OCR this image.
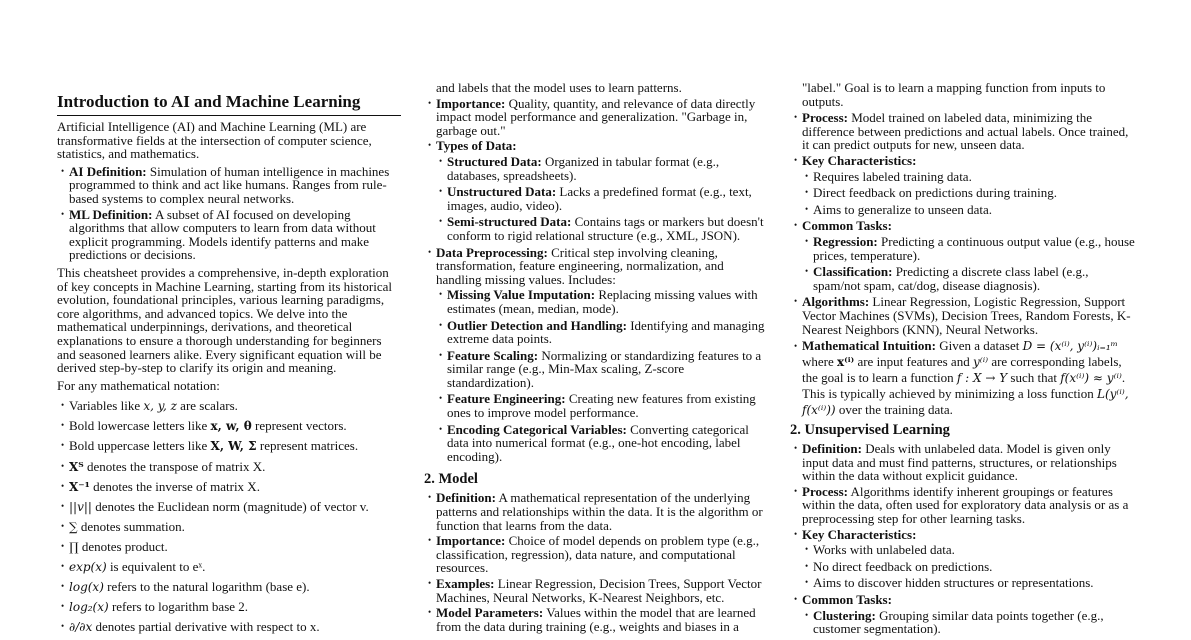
Introduction to AI and Machine Learning

Artificial Intelligence (AI) and Machine Learning (ML) are transformative fields at the intersection of computer science, statistics, and mathematics.

• AI Definition: Simulation of human intelligence in machines programmed to think and act like humans. Ranges from rule-based systems to complex neural networks.
• ML Definition: A subset of AI focused on developing algorithms that allow computers to learn from data without explicit programming. Models identify patterns and make predictions or decisions.

This cheatsheet provides a comprehensive, in-depth exploration of key concepts in Machine Learning, starting from its historical evolution, foundational principles, various learning paradigms, core algorithms, and advanced topics. We delve into the mathematical underpinnings, derivations, and theoretical explanations to ensure a thorough understanding for beginners and seasoned learners alike. Every significant equation will be derived step-by-step to clarify its origin and meaning.

For any mathematical notation:

• Variables like x, y, z are scalars.
• Bold lowercase letters like x, w, θ represent vectors.
• Bold uppercase letters like X, W, Σ represent matrices.
• Xᵀ denotes the transpose of matrix X.
• X⁻¹ denotes the inverse of matrix X.
• ||v|| denotes the Euclidean norm (magnitude) of vector v.
• ∑ denotes summation.
• ∏ denotes product.
• exp(x) is equivalent to eˣ.
• log(x) refers to the natural logarithm (base e).
• log₂(x) refers to logarithm base 2.
• ∂/∂x denotes partial derivative with respect to x.

and labels that the model uses to learn patterns.

• Importance: Quality, quantity, and relevance of data directly impact model performance and generalization. "Garbage in, garbage out."
• Types of Data:
• Structured Data: Organized in tabular format (e.g., databases, spreadsheets).
• Unstructured Data: Lacks a predefined format (e.g., text, images, audio, video).
• Semi-structured Data: Contains tags or markers but doesn't conform to rigid relational structure (e.g., XML, JSON).
• Data Preprocessing: Critical step involving cleaning, transformation, feature engineering, normalization, and handling missing values. Includes:
• Missing Value Imputation: Replacing missing values with estimates (mean, median, mode).
• Outlier Detection and Handling: Identifying and managing extreme data points.
• Feature Scaling: Normalizing or standardizing features to a similar range (e.g., Min-Max scaling, Z-score standardization).
• Feature Engineering: Creating new features from existing ones to improve model performance.
• Encoding Categorical Variables: Converting categorical data into numerical format (e.g., one-hot encoding, label encoding).
2. Model
• Definition: A mathematical representation of the underlying patterns and relationships within the data. It is the algorithm or function that learns from the data.
• Importance: Choice of model depends on problem type (e.g., classification, regression), data nature, and computational resources.
• Examples: Linear Regression, Decision Trees, Support Vector Machines, Neural Networks, K-Nearest Neighbors, etc.
• Model Parameters: Values within the model that are learned from the data during training (e.g., weights and biases in a

"label." Goal is to learn a mapping function from inputs to outputs.

• Process: Model trained on labeled data, minimizing the difference between predictions and actual labels. Once trained, it can predict outputs for new, unseen data.
• Key Characteristics:
• Requires labeled training data.
• Direct feedback on predictions during training.
• Aims to generalize to unseen data.
• Common Tasks:
• Regression: Predicting a continuous output value (e.g., house prices, temperature).
• Classification: Predicting a discrete class label (e.g., spam/not spam, cat/dog, disease diagnosis).
• Algorithms: Linear Regression, Logistic Regression, Support Vector Machines (SVMs), Decision Trees, Random Forests, K-Nearest Neighbors (KNN), Neural Networks.
• Mathematical Intuition: Given a dataset D = (x⁽ⁱ⁾, y⁽ⁱ⁾)ᵢ₌₁ᵐ where x⁽ⁱ⁾ are input features and y⁽ⁱ⁾ are corresponding labels, the goal is to learn a function f : X → Y such that f(x⁽ⁱ⁾) ≈ y⁽ⁱ⁾. This is typically achieved by minimizing a loss function L(y⁽ⁱ⁾, f(x⁽ⁱ⁾)) over the training data.
2. Unsupervised Learning
• Definition: Deals with unlabeled data. Model is given only input data and must find patterns, structures, or relationships within the data without explicit guidance.
• Process: Algorithms identify inherent groupings or features within the data, often used for exploratory data analysis or as a preprocessing step for other learning tasks.
• Key Characteristics:
• Works with unlabeled data.
• No direct feedback on predictions.
• Aims to discover hidden structures or representations.
• Common Tasks:
• Clustering: Grouping similar data points together (e.g., customer segmentation).
